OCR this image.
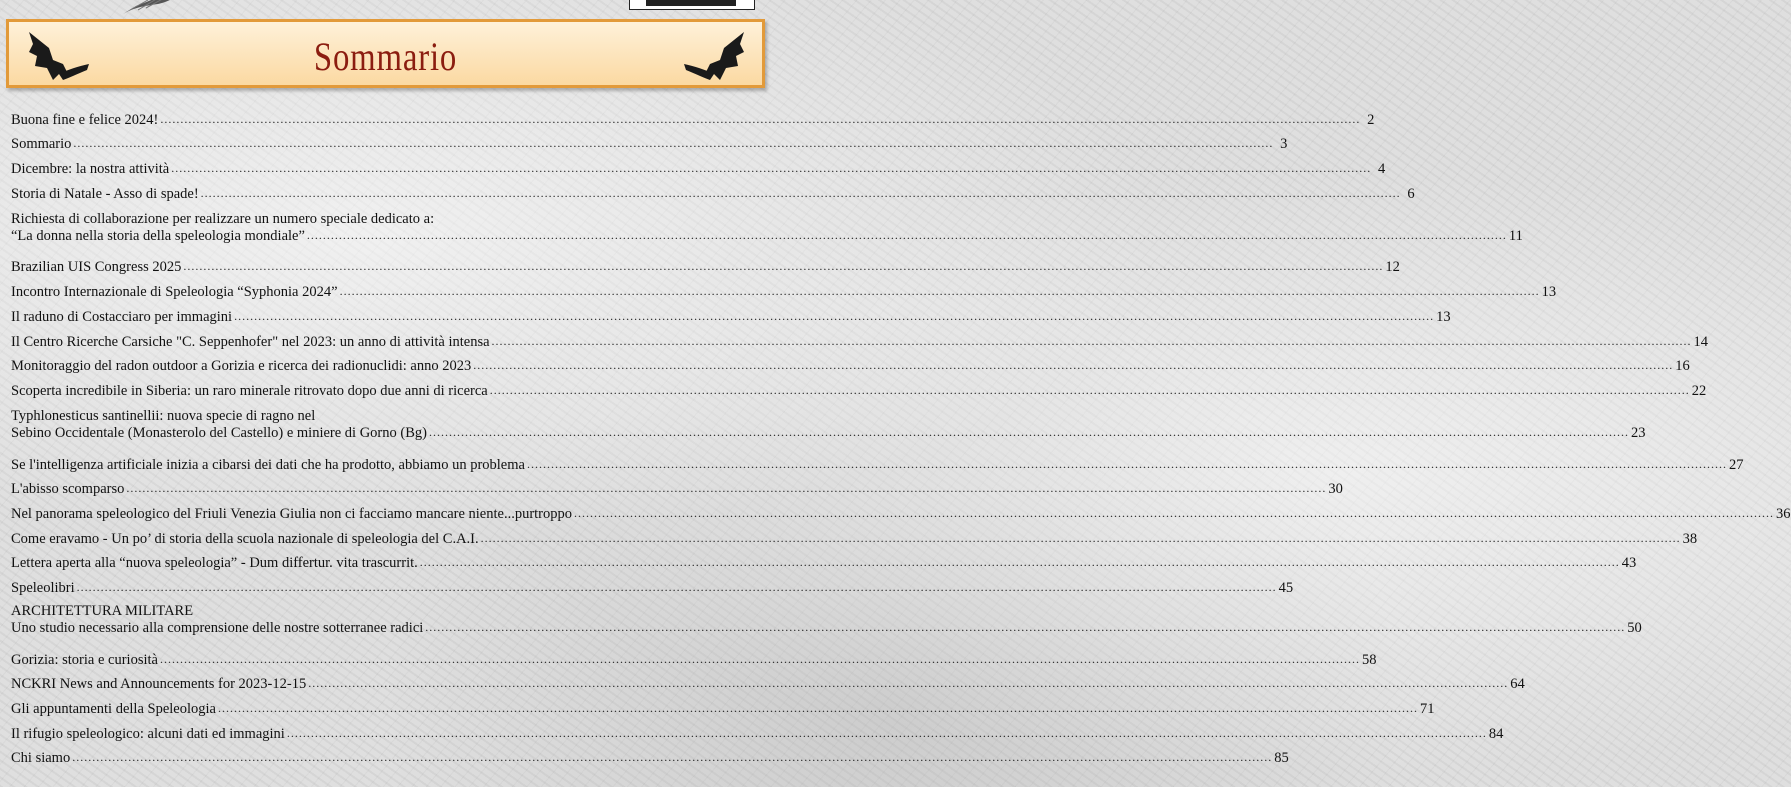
Sommario
Buona fine e felice 2024! ............................................................................................................................................................................................................................................................................................................ 2
Sommario ............................................................................................................................................................................................................................................................................................................ 3
Dicembre: la nostra attività ............................................................................................................................................................................................................................................................................................................ 4
Storia di Natale - Asso di spade! ............................................................................................................................................................................................................................................................................................................ 6
Richiesta di collaborazione per realizzare un numero speciale dedicato a:
“La donna nella storia della speleologia mondiale” ............................................................................................................................................................................................................................................................................................................ 11
Brazilian UIS Congress 2025 ............................................................................................................................................................................................................................................................................................................ 12
Incontro Internazionale di Speleologia “Syphonia 2024” ............................................................................................................................................................................................................................................................................................................ 13
Il raduno di Costacciaro per immagini ............................................................................................................................................................................................................................................................................................................ 13
Il Centro Ricerche Carsiche "C. Seppenhofer" nel 2023: un anno di attività intensa ............................................................................................................................................................................................................................................................................................................ 14
Monitoraggio del radon outdoor a Gorizia e ricerca dei radionuclidi: anno 2023 ............................................................................................................................................................................................................................................................................................................ 16
Scoperta incredibile in Siberia: un raro minerale ritrovato dopo due anni di ricerca ............................................................................................................................................................................................................................................................................................................ 22
Typhlonesticus santinellii: nuova specie di ragno nel
Sebino Occidentale (Monasterolo del Castello) e miniere di Gorno (Bg) ............................................................................................................................................................................................................................................................................................................ 23
Se l'intelligenza artificiale inizia a cibarsi dei dati che ha prodotto, abbiamo un problema ............................................................................................................................................................................................................................................................................................................ 27
L'abisso scomparso ............................................................................................................................................................................................................................................................................................................ 30
Nel panorama speleologico del Friuli Venezia Giulia non ci facciamo mancare niente...purtroppo ............................................................................................................................................................................................................................................................................................................ 36
Come eravamo - Un po’ di storia della scuola nazionale di speleologia del C.A.I. ............................................................................................................................................................................................................................................................................................................ 38
Lettera aperta alla “nuova speleologia” - Dum differtur. vita trascurrit. ............................................................................................................................................................................................................................................................................................................ 43
Speleolibri ............................................................................................................................................................................................................................................................................................................ 45
ARCHITETTURA MILITARE
Uno studio necessario alla comprensione delle nostre sotterranee radici ............................................................................................................................................................................................................................................................................................................ 50
Gorizia: storia e curiosità ............................................................................................................................................................................................................................................................................................................ 58
NCKRI News and Announcements for 2023-12-15 ............................................................................................................................................................................................................................................................................................................ 64
Gli appuntamenti della Speleologia ............................................................................................................................................................................................................................................................................................................ 71
Il rifugio speleologico: alcuni dati ed immagini ............................................................................................................................................................................................................................................................................................................ 84
Chi siamo ............................................................................................................................................................................................................................................................................................................ 85
